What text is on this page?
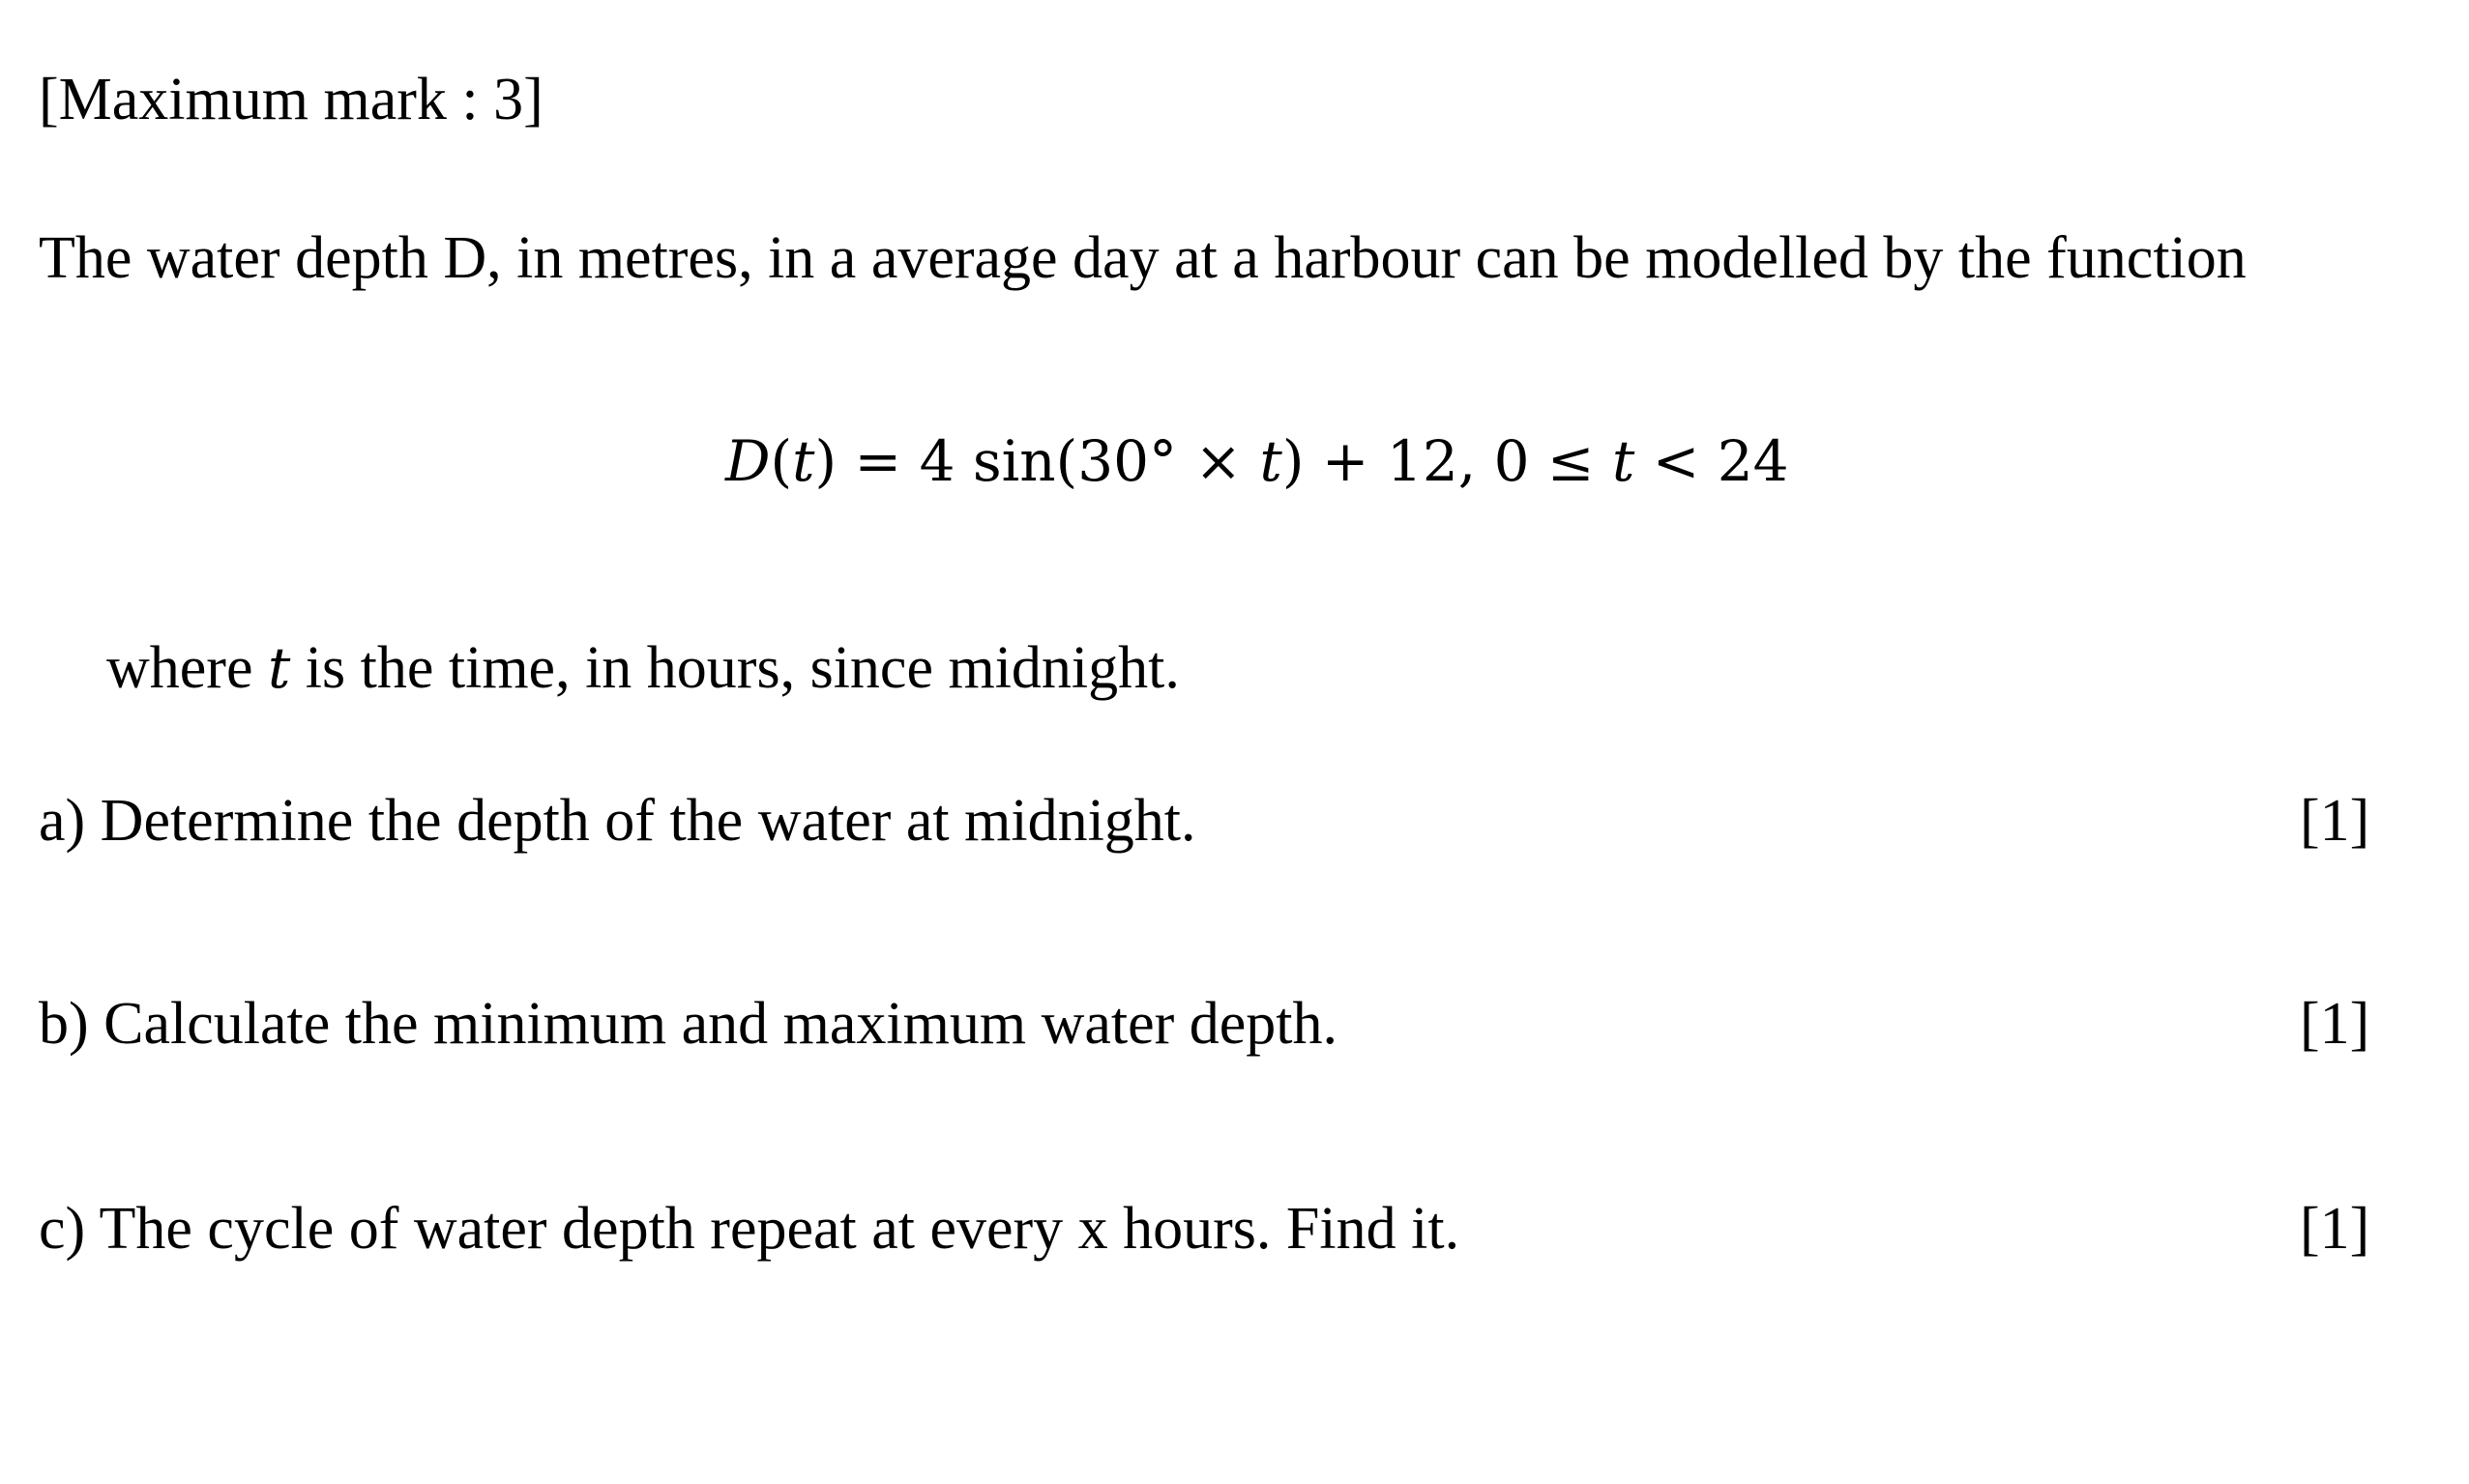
[Maximum mark : 3]
The water depth D, in metres, in a average day at a harbour can be modelled by the function
D(t) = 4 sin(30° × t) + 12, 0 ≤ t < 24
where t is the time, in hours, since midnight.
a) Determine the depth of the water at midnight.	[1]
b) Calculate the minimum and maximum water depth.	[1]
c) The cycle of water depth repeat at every x hours. Find it.	[1]
